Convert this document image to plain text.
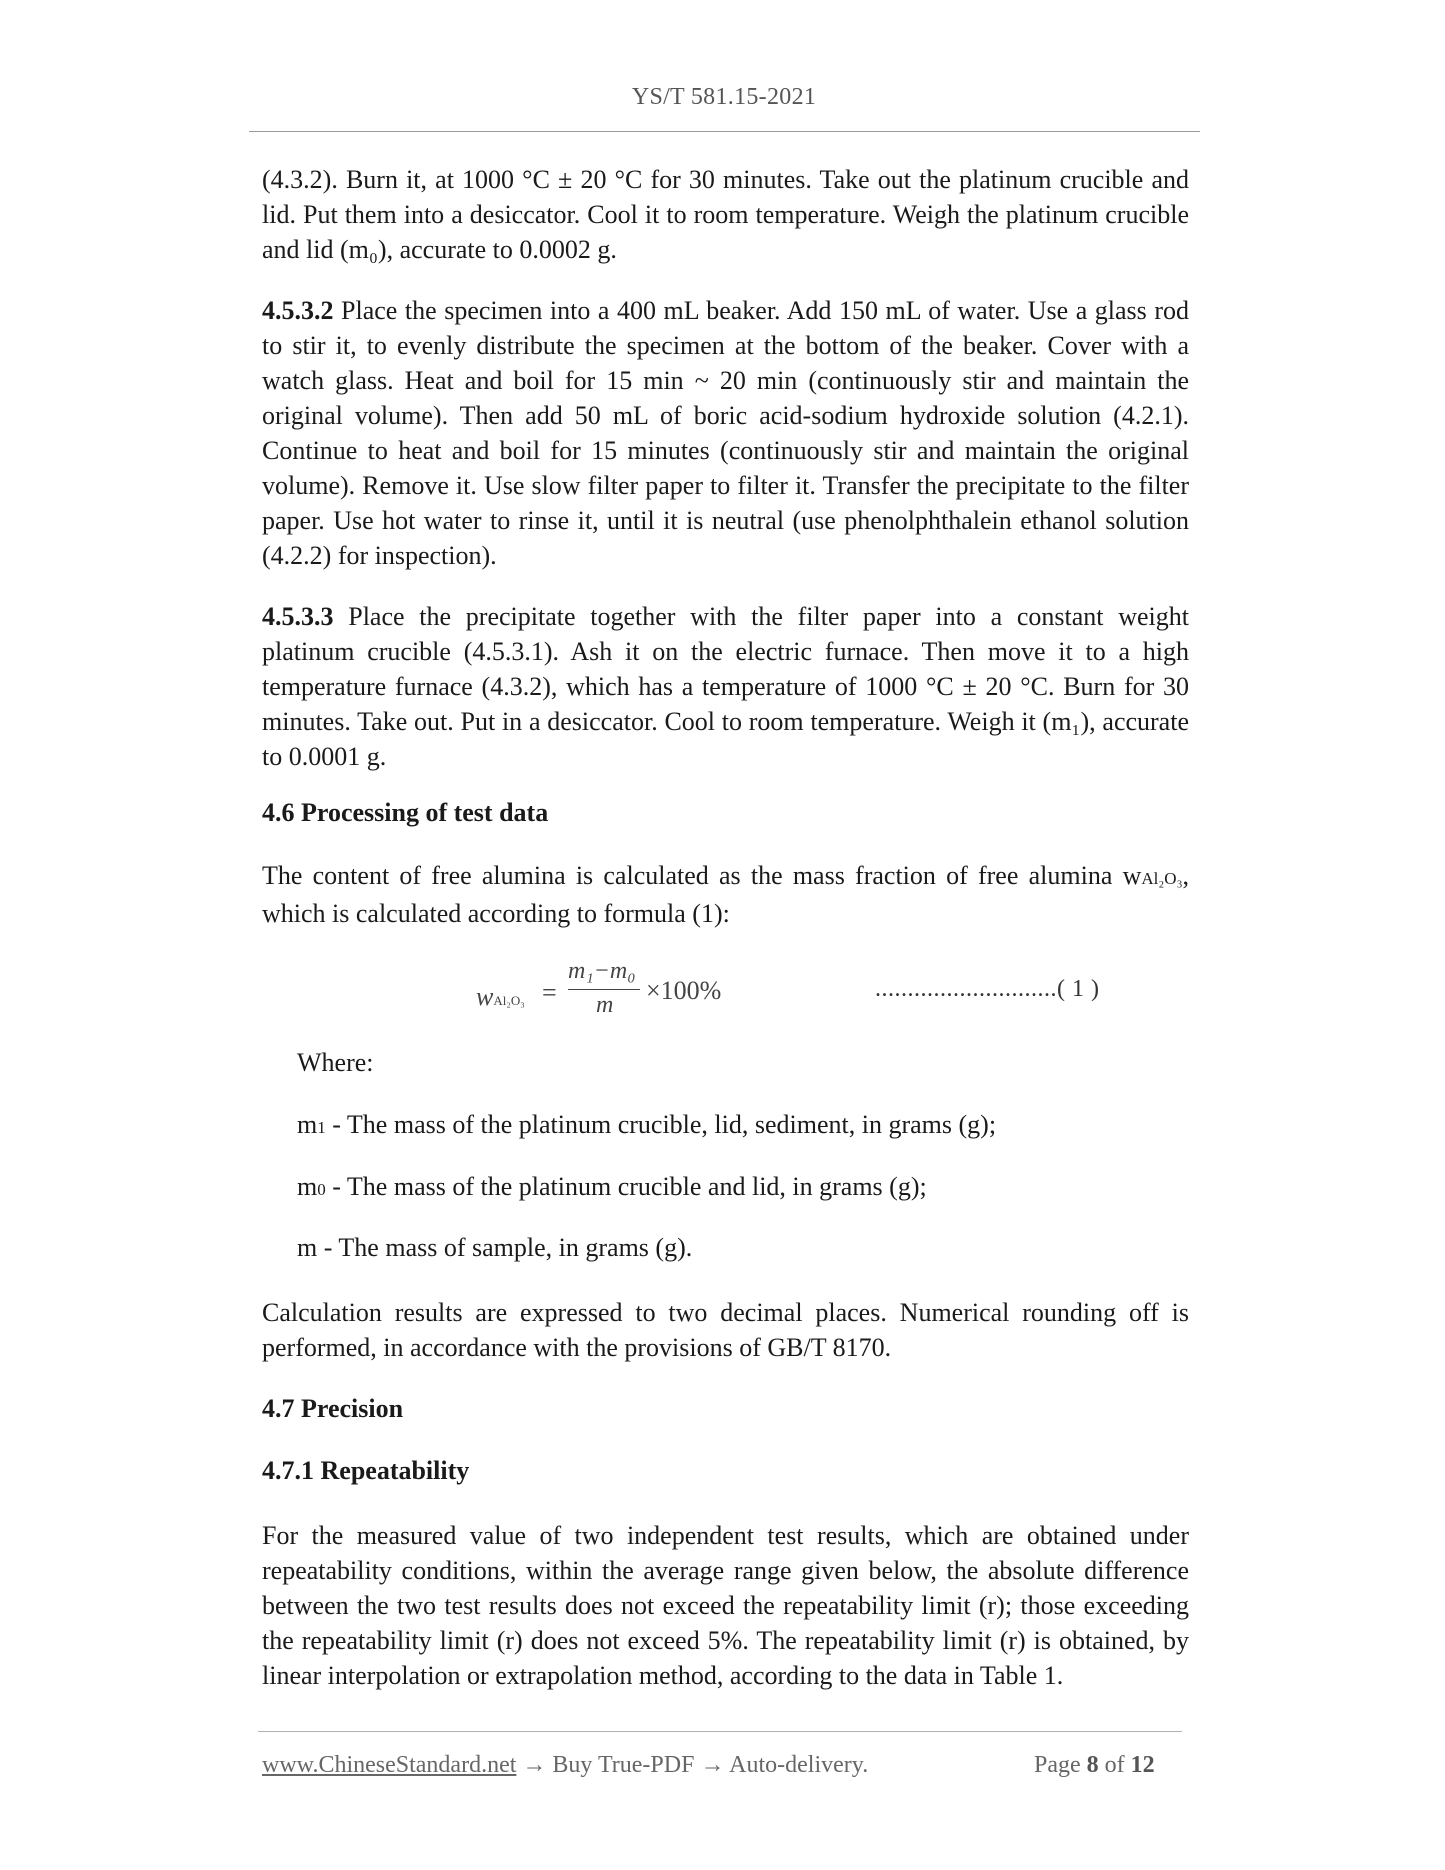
YS/T 581.15-2021
(4.3.2). Burn it, at 1000 °C ± 20 °C for 30 minutes. Take out the platinum crucible and lid. Put them into a desiccator. Cool it to room temperature. Weigh the platinum crucible and lid (m₀), accurate to 0.0002 g.
4.5.3.2 Place the specimen into a 400 mL beaker. Add 150 mL of water. Use a glass rod to stir it, to evenly distribute the specimen at the bottom of the beaker. Cover with a watch glass. Heat and boil for 15 min ~ 20 min (continuously stir and maintain the original volume). Then add 50 mL of boric acid-sodium hydroxide solution (4.2.1). Continue to heat and boil for 15 minutes (continuously stir and maintain the original volume). Remove it. Use slow filter paper to filter it. Transfer the precipitate to the filter paper. Use hot water to rinse it, until it is neutral (use phenolphthalein ethanol solution (4.2.2) for inspection).
4.5.3.3 Place the precipitate together with the filter paper into a constant weight platinum crucible (4.5.3.1). Ash it on the electric furnace. Then move it to a high temperature furnace (4.3.2), which has a temperature of 1000 °C ± 20 °C. Burn for 30 minutes. Take out. Put in a desiccator. Cool to room temperature. Weigh it (m₁), accurate to 0.0001 g.
4.6 Processing of test data
The content of free alumina is calculated as the mass fraction of free alumina wAl₂O₃, which is calculated according to formula (1):
wAl₂O₃ =
m₁−m₀
m ×100%	............................( 1 )
Where:
m1 - The mass of the platinum crucible, lid, sediment, in grams (g);
m0 - The mass of the platinum crucible and lid, in grams (g);
m - The mass of sample, in grams (g).
Calculation results are expressed to two decimal places. Numerical rounding off is performed, in accordance with the provisions of GB/T 8170.
4.7 Precision
4.7.1 Repeatability
For the measured value of two independent test results, which are obtained under repeatability conditions, within the average range given below, the absolute difference between the two test results does not exceed the repeatability limit (r); those exceeding the repeatability limit (r) does not exceed 5%. The repeatability limit (r) is obtained, by linear interpolation or extrapolation method, according to the data in Table 1.
www.ChineseStandard.net → Buy True-PDF → Auto-delivery.	Page 8 of 12
